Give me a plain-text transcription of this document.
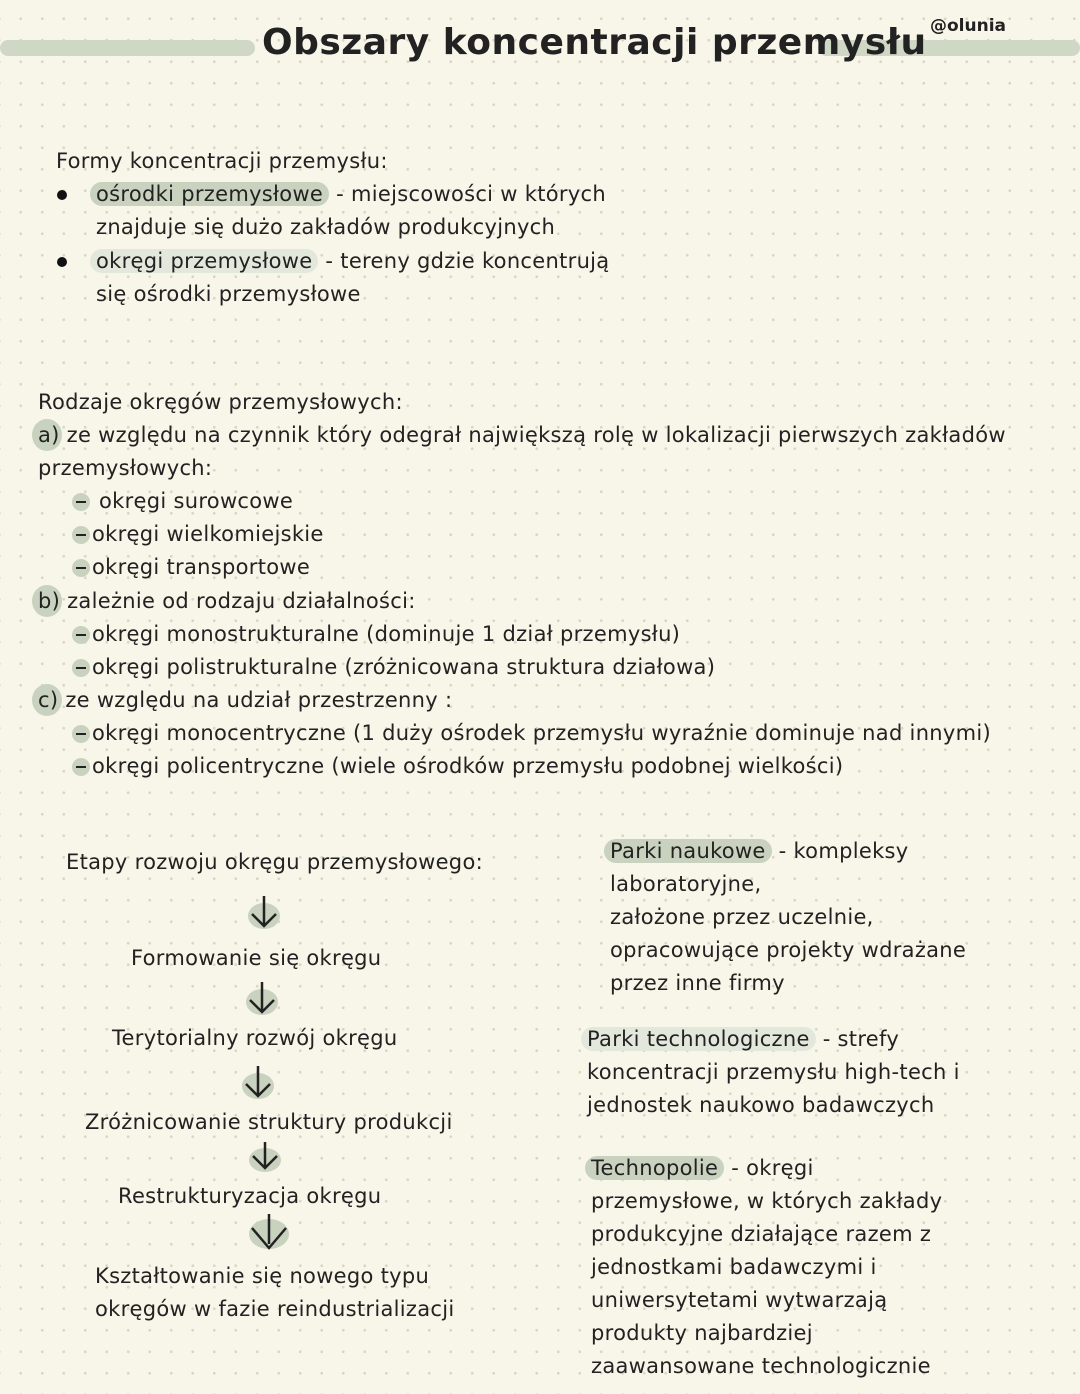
Obszary koncentracji przemysłu @olunia
Formy koncentracji przemysłu:
ośrodki przemysłowe - miejscowości w których
znajduje się dużo zakładów produkcyjnych
okręgi przemysłowe - tereny gdzie koncentrują
się ośrodki przemysłowe
Rodzaje okręgów przemysłowych:
a) ze względu na czynnik który odegrał największą rolę w lokalizacji pierwszych zakładów
przemysłowych:
okręgi surowcowe
okręgi wielkomiejskie
okręgi transportowe
b) zależnie od rodzaju działalności:
okręgi monostrukturalne (dominuje 1 dział przemysłu)
okręgi polistrukturalne (zróżnicowana struktura działowa)
c) ze względu na udział przestrzenny :
okręgi monocentryczne (1 duży ośrodek przemysłu wyraźnie dominuje nad innymi)
okręgi policentryczne (wiele ośrodków przemysłu podobnej wielkości)
Etapy rozwoju okręgu przemysłowego:
Formowanie się okręgu
Terytorialny rozwój okręgu
Zróżnicowanie struktury produkcji
Restrukturyzacja okręgu
Kształtowanie się nowego typu
okręgów w fazie reindustrializacji
Parki naukowe - kompleksy
laboratoryjne,
założone przez uczelnie,
opracowujące projekty wdrażane
przez inne firmy
Parki technologiczne - strefy
koncentracji przemysłu high-tech i
jednostek naukowo badawczych
Technopolie - okręgi
przemysłowe, w których zakłady
produkcyjne działające razem z
jednostkami badawczymi i
uniwersytetami wytwarzają
produkty najbardziej
zaawansowane technologicznie
